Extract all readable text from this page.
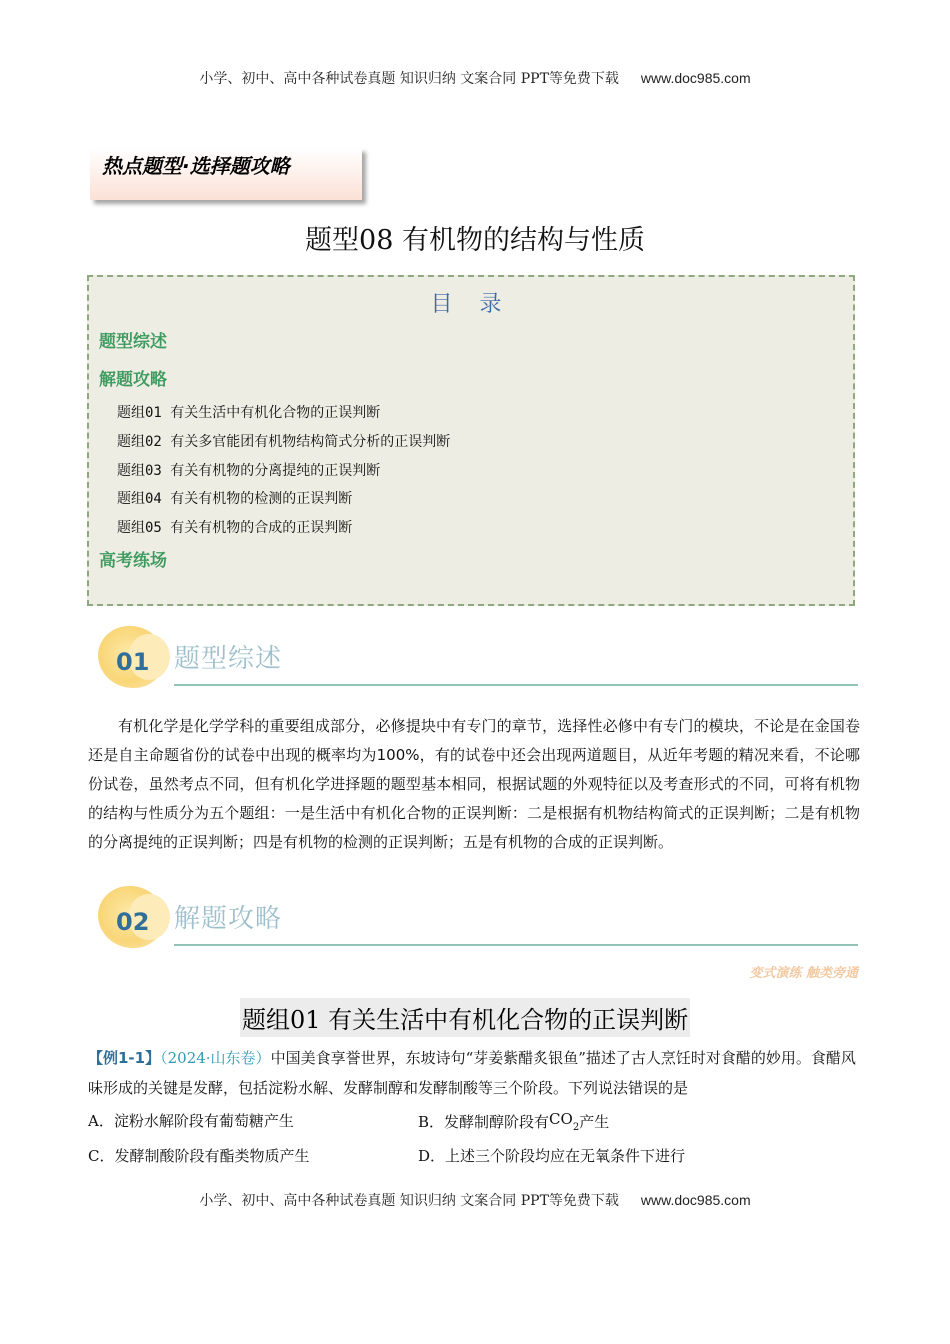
小学、初中、高中各种试卷真题 知识归纳 文案合同 PPT等免费下载 www.doc985.com
热点题型·选择题攻略
题型08 有机物的结构与性质
目 录
题型综述
解题攻略
题组01 有关生活中有机化合物的正误判断
题组02 有关多官能团有机物结构简式分析的正误判断
题组03 有关有机物的分离提纯的正误判断
题组04 有关有机物的检测的正误判断
题组05 有关有机物的合成的正误判断
高考练场
01 题型综述
有机化学是化学学科的重要组成部分，必修提块中有专门的章节，选择性必修中有专门的模块，不论是在金国卷还是自主命题省份的试卷中出现的概率均为100%，有的试卷中还会出现两道题目，从近年考题的精况来看，不论哪份试卷，虽然考点不同，但有机化学进择题的题型基本相同，根据试题的外观特征以及考查形式的不同，可将有机物的结构与性质分为五个题组：一是生活中有机化合物的正误判断：二是根据有机物结构简式的正误判断；二是有机物的分离提纯的正误判断；四是有机物的检测的正误判断；五是有机物的合成的正误判断。
02 解题攻略
变式演练 触类旁通
题组01 有关生活中有机化合物的正误判断
【例1-1】（2024·山东卷）中国美食享誉世界，东坡诗句“芽姜紫醋炙银鱼”描述了古人烹饪时对食醋的妙用。食醋风味形成的关键是发酵，包括淀粉水解、发酵制醇和发酵制酸等三个阶段。下列说法错误的是
A．淀粉水解阶段有葡萄糖产生	B．发酵制醇阶段有$CO_2$产生
C．发酵制酸阶段有酯类物质产生	D．上述三个阶段均应在无氧条件下进行
小学、初中、高中各种试卷真题 知识归纳 文案合同 PPT等免费下载 www.doc985.com
